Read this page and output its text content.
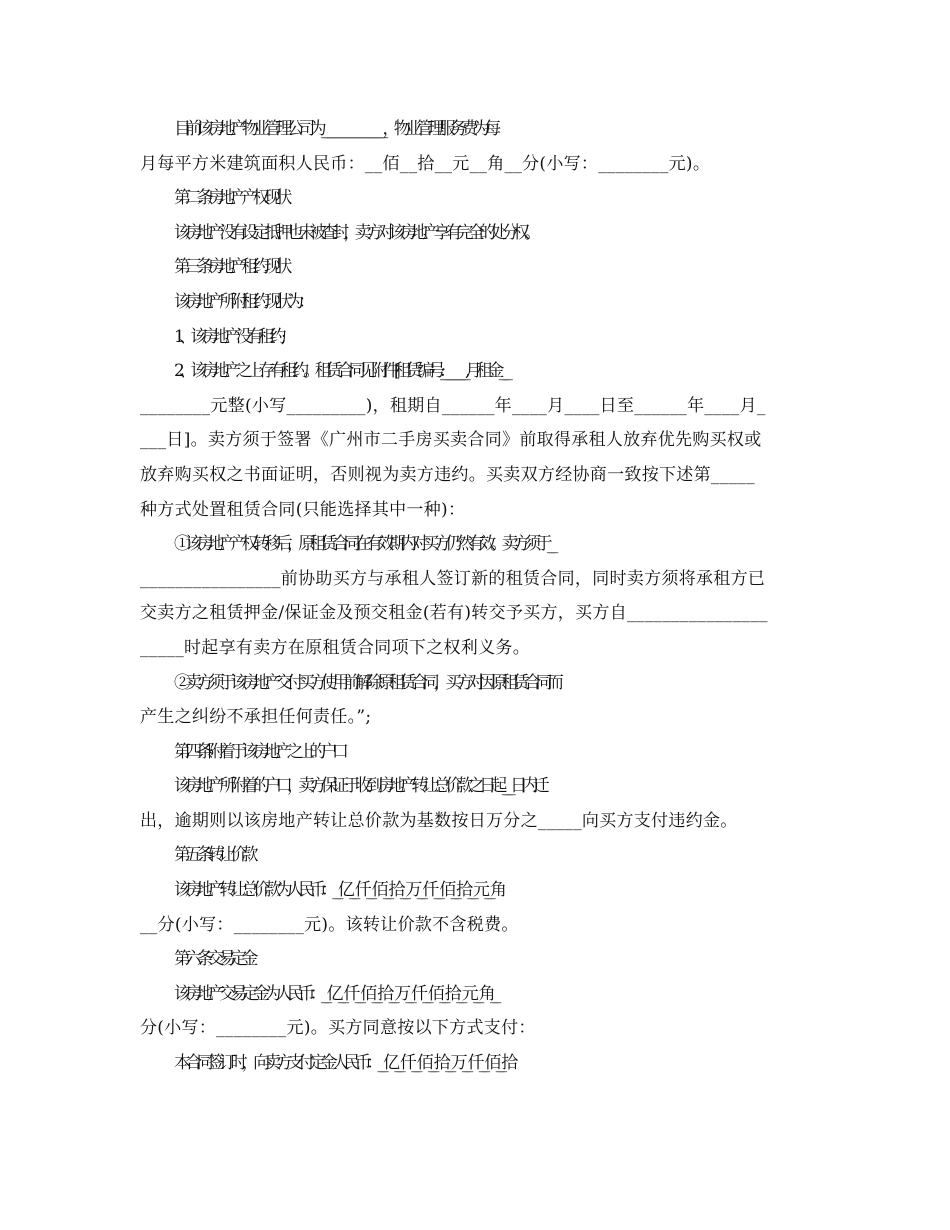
目前该房地产物业管理公司为______________________，物业管理服务费为每
月每平方米建筑面积人民币：__佰__拾__元__角__分(小写：________元)。
第二条 房地产产权现状
该房地产没有设定抵押也未被查封，卖方对该房地产享有完全的处分权。
第三条 房地产租约现状
该房地产所附租约现状为：
1、该房地产没有租约;
2、该房地产之上存有租约。租赁合同见附件[租赁编号:_________,月租金___
________元整(小写_________)，租期自______年____月____日至______年____月_
___日]。卖方须于签署《广州市二手房买卖合同》前取得承租人放弃优先购买权或
放弃购买权之书面证明，否则视为卖方违约。买卖双方经协商一致按下述第_____
种方式处置租赁合同(只能选择其中一种)：
①该房地产产权转移后，原租赁合同在有效期内对买方仍然有效。卖方须于__
________________前协助买方与承租人签订新的租赁合同，同时卖方须将承租方已
交卖方之租赁押金/保证金及预交租金(若有)转交予买方，买方自________________
_____时起享有卖方在原租赁合同项下之权利义务。
②卖方须于该房地产交付买方使用前解除原租赁合同，买方对因原租赁合同而
产生之纠纷不承担任何责任。”;
第四条 附着于该房地产之上的户口
该房地产所附着的户口，卖方保证于收到房地产转让总价款之日起___日内迁
出，逾期则以该房地产转让总价款为基数按日万分之_____向买方支付违约金。
第五条 转让价款
该房地产转让总价款为人民币：__亿__仟__佰__拾__万__仟__佰__拾__元__角
__分(小写：________元)。该转让价款不含税费。
第六条 交易定金
该房地产交易定金为人民币：__亿__仟__佰__拾__万__仟__佰__拾__元__角__
分(小写：________元)。买方同意按以下方式支付：
本合同签订时，向卖方支付定金人民币：__亿__仟__佰__拾__万__仟__佰__拾
